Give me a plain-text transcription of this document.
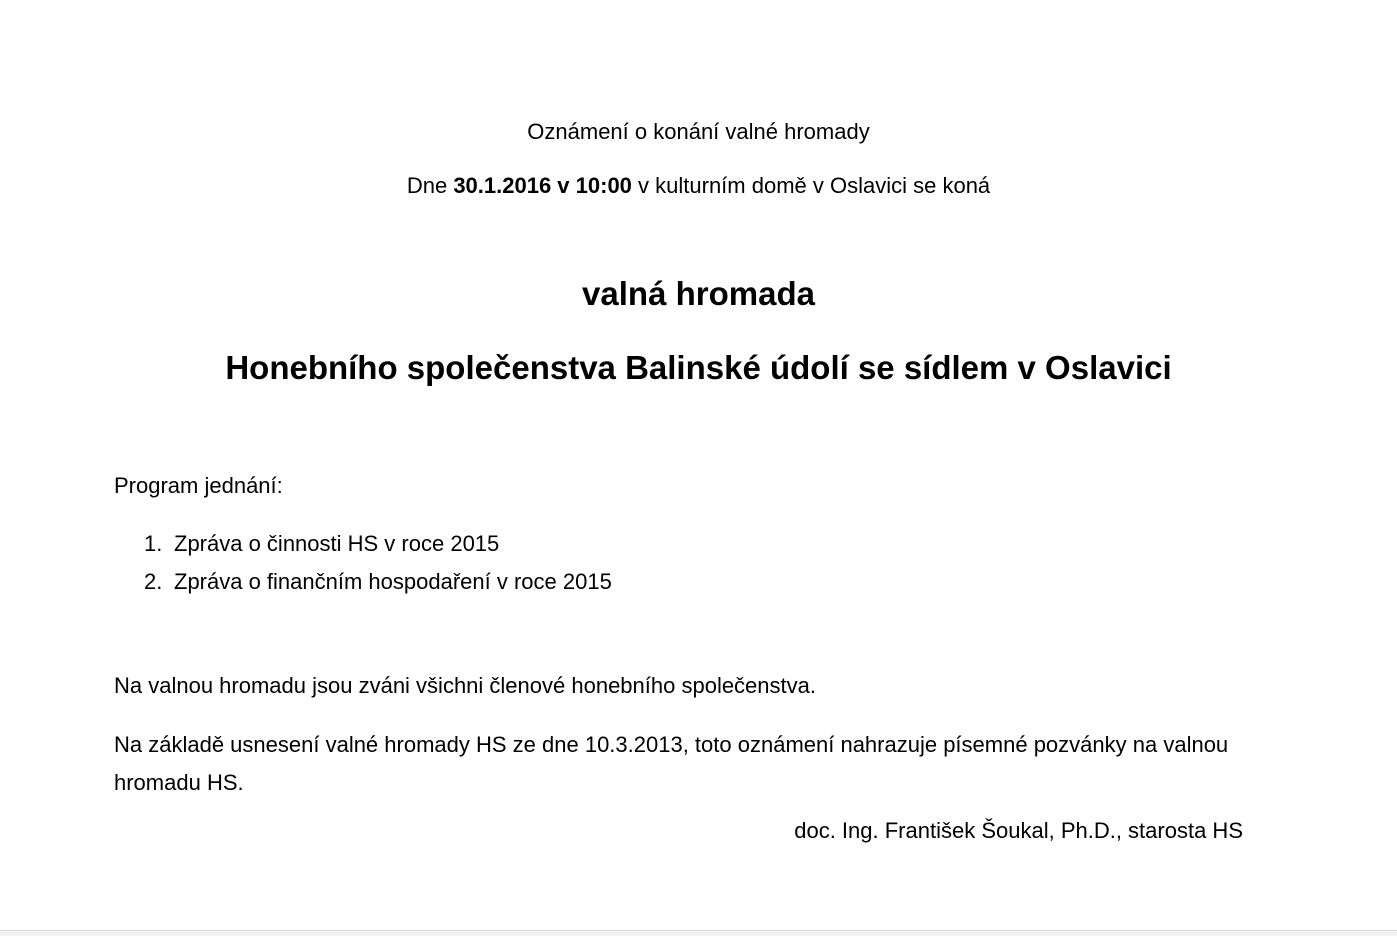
Oznámení o konání valné hromady
Dne 30.1.2016 v 10:00 v kulturním domě v Oslavici se koná
valná hromada
Honebního společenstva Balinské údolí se sídlem v Oslavici
Program jednání:
1. Zpráva o činnosti HS v roce 2015
2. Zpráva o finančním hospodaření v roce 2015
Na valnou hromadu jsou zváni všichni členové honebního společenstva.
Na základě usnesení valné hromady HS ze dne 10.3.2013, toto oznámení nahrazuje písemné pozvánky na valnou hromadu HS.
doc. Ing. František Šoukal, Ph.D., starosta HS
